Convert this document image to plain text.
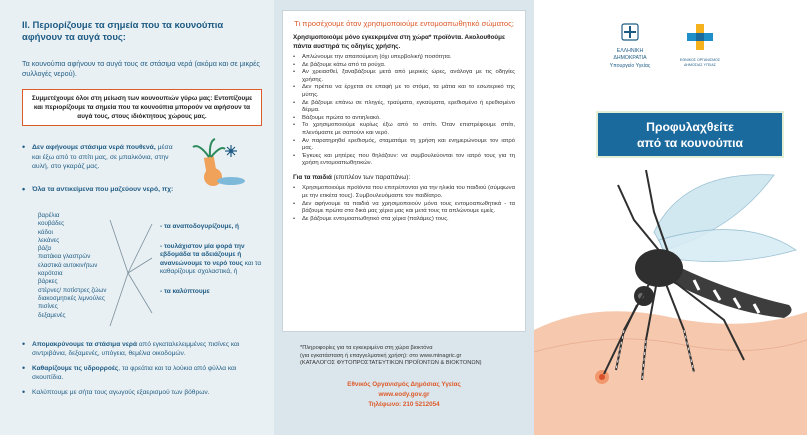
ΙΙ. Περιορίζουμε τα σημεία που τα κουνούπια αφήνουν τα αυγά τους:
Τα κουνούπια αφήνουν τα αυγά τους σε στάσιμα νερά (ακόμα και σε μικρές συλλογές νερού).
Συμμετέχουμε όλοι στη μείωση των κουνουπιών γύρω μας: Εντοπίζουμε και περιορίζουμε τα σημεία που τα κουνούπια μπορούν να αφήσουν τα αυγά τους, στους ιδιόκτητους χώρους μας.
• Δεν αφήνουμε στάσιμα νερά πουθενά, μέσα και έξω από το σπίτι μας, σε μπαλκόνια, στην αυλή, στο γκαράζ μας.
• Όλα τα αντικείμενα που μαζεύουν νερό, πχ:
βαρέλια
κουβάδες
κάδοι
λεκάνες
βάζα
πιατάκια γλαστρών
ελαστικά αυτοκινήτων
καρότσια
βάρκες
στέρνες/ ποτίστρες ζώων
διακοσμητικές λιμνούλες
πισίνες
δεξαμενές
- τα αναποδογυρίζουμε, ή
- τουλάχιστον μία φορά την εβδομάδα τα αδειάζουμε ή ανανεώνουμε το νερό τους και τα καθαρίζουμε σχολαστικά, ή
- τα καλύπτουμε
• Απομακρύνουμε τα στάσιμα νερά από εγκαταλελειμμένες πισίνες και σιντριβάνια, δεξαμενές, υπόγεια, θεμέλια οικοδομών.
• Καθαρίζουμε τις υδρορροές, τα φρεάτια και τα λούκια από φύλλα και σκουπίδια.
• Καλύπτουμε με σήτα τους αγωγούς εξαερισμού των βόθρων.
Τι προσέχουμε όταν χρησιμοποιούμε εντομοαπωθητικό σώματος;
Χρησιμοποιούμε μόνο εγκεκριμένα στη χώρα* προϊόντα. Ακολουθούμε πάντα αυστηρά τις οδηγίες χρήσης.
• Απλώνουμε την απαιτούμενη (όχι υπερβολική) ποσότητα.
• Δε βάζουμε κάτω από τα ρούχα.
• Αν χρειασθεί, ξαναβάζουμε μετά από μερικές ώρες, ανάλογα με τις οδηγίες χρήσης.
• Δεν πρέπει να έρχεται σε επαφή με το στόμα, τα μάτια και το εσωτερικό της μύτης.
• Δε βάζουμε επάνω σε πληγές, τραύματα, εγκαύματα, ερεθισμένο ή ερεθισμένο δέρμα.
• Βάζουμε πρώτα το αντιηλιακό.
• Το χρησιμοποιούμε κυρίως έξω από το σπίτι. Όταν επιστρέφουμε σπίτι, πλενόμαστε με σαπούνι και νερό.
• Αν παρατηρηθεί ερεθισμός, σταματάμε τη χρήση και ενημερώνουμε τον ιατρό μας.
• Έγκυες και μητέρες που θηλάζουν: να συμβουλεύονται τον ιατρό τους για τη χρήση εντομοαπωθητικών.
Για τα παιδιά (επιπλέον των παραπάνω):
• Χρησιμοποιούμε προϊόντα που επιτρέπονται για την ηλικία του παιδιού (σύμφωνα με την ετικέτα τους). Συμβουλευόμαστε τον παιδίατρο.
• Δεν αφήνουμε τα παιδιά να χρησιμοποιούν μόνα τους εντομοαπωθητικά - τα βάζουμε πρώτα στα δικά μας χέρια μας και μετά τους τα απλώνουμε εμείς.
• Δε βάζουμε εντομοαπωθητικό στα χέρια (παλάμες) τους.
*Πληροφορίες για τα εγκεκριμένα στη χώρα βιοκτόνα
(για εγκατάσταση ή επαγγελματική χρήση): στο www.minagric.gr
(ΚΑΤΑΛΟΓΟΣ ΦΥΤΟΠΡΟΣΤΑΤΕΥΤΙΚΩΝ ΠΡΟΪΟΝΤΩΝ & ΒΙΟΚΤΟΝΩΝ)
Εθνικός Οργανισμός Δημόσιας Υγείας
www.eody.gov.gr
Τηλέφωνο: 210 5212054
ΕΛΛΗΝΙΚΗ ΔΗΜΟΚΡΑΤΙΑ
Υπουργείο Υγείας
ΕΘΝΙΚΟΣ ΟΡΓΑΝΙΣΜΟΣ ΔΗΜΟΣΙΑΣ ΥΓΕΙΑΣ
Προφυλαχθείτε
από τα κουνούπια
